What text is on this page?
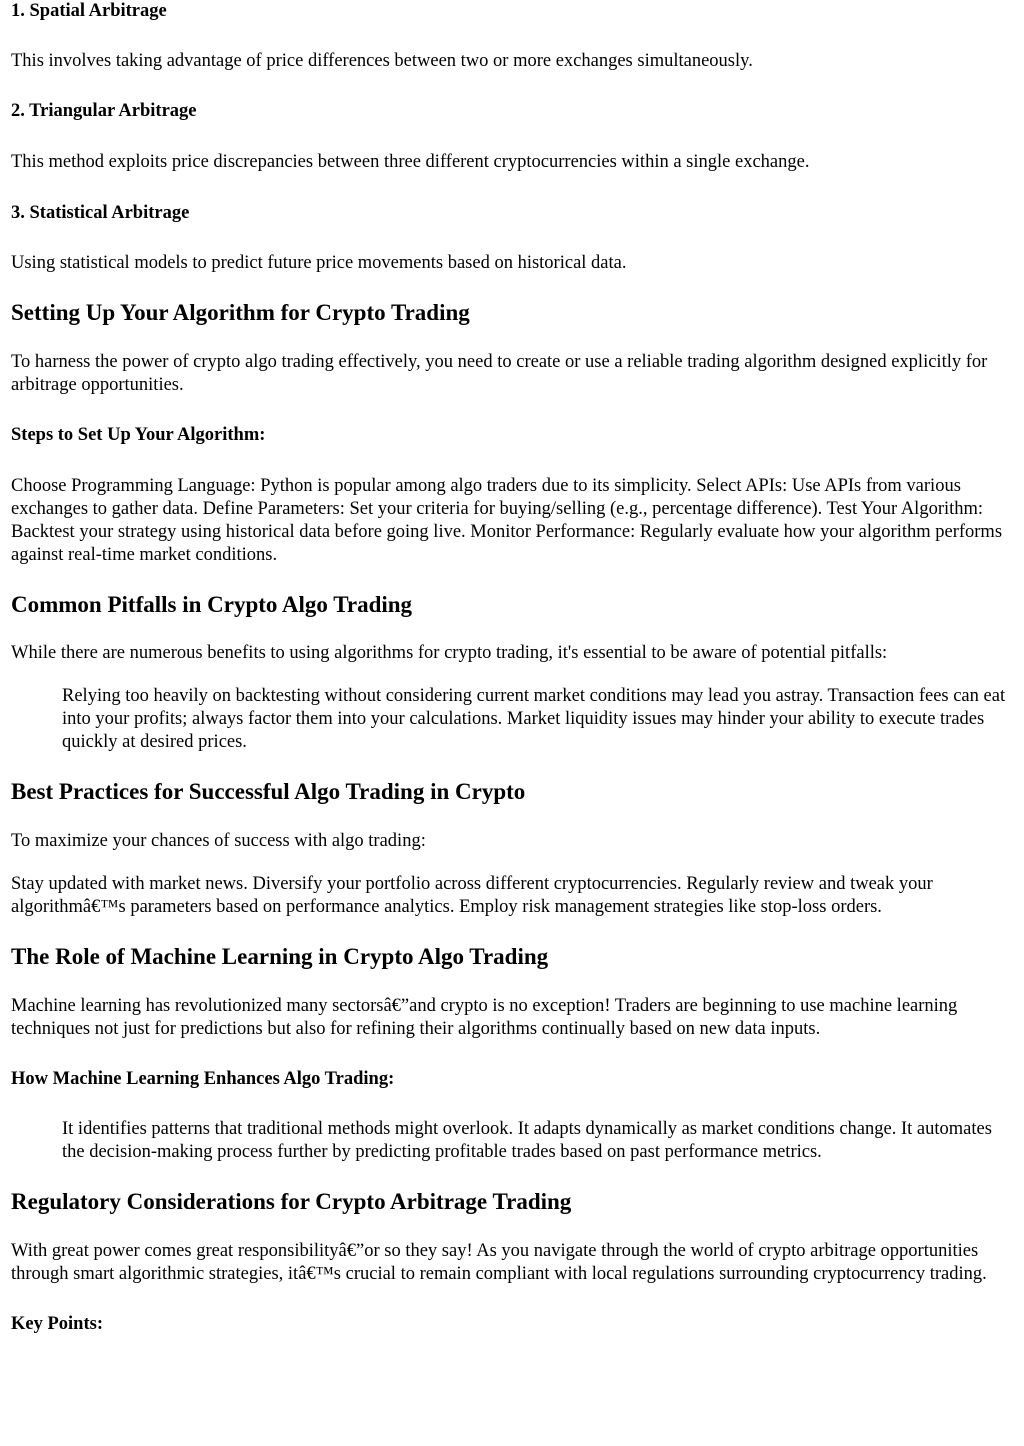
1. Spatial Arbitrage

This involves taking advantage of price differences between two or more exchanges simultaneously.

2. Triangular Arbitrage

This method exploits price discrepancies between three different cryptocurrencies within a single exchange.

3. Statistical Arbitrage

Using statistical models to predict future price movements based on historical data.

Setting Up Your Algorithm for Crypto Trading

To harness the power of crypto algo trading effectively, you need to create or use a reliable trading algorithm designed explicitly for arbitrage opportunities.

Steps to Set Up Your Algorithm:

Choose Programming Language: Python is popular among algo traders due to its simplicity. Select APIs: Use APIs from various exchanges to gather data. Define Parameters: Set your criteria for buying/selling (e.g., percentage difference). Test Your Algorithm: Backtest your strategy using historical data before going live. Monitor Performance: Regularly evaluate how your algorithm performs against real-time market conditions.

Common Pitfalls in Crypto Algo Trading

While there are numerous benefits to using algorithms for crypto trading, it's essential to be aware of potential pitfalls:

Relying too heavily on backtesting without considering current market conditions may lead you astray. Transaction fees can eat into your profits; always factor them into your calculations. Market liquidity issues may hinder your ability to execute trades quickly at desired prices.
Best Practices for Successful Algo Trading in Crypto

To maximize your chances of success with algo trading:

Stay updated with market news. Diversify your portfolio across different cryptocurrencies. Regularly review and tweak your algorithmâ€™s parameters based on performance analytics. Employ risk management strategies like stop-loss orders.

The Role of Machine Learning in Crypto Algo Trading

Machine learning has revolutionized many sectorsâ€”and crypto is no exception! Traders are beginning to use machine learning techniques not just for predictions but also for refining their algorithms continually based on new data inputs.

How Machine Learning Enhances Algo Trading:
It identifies patterns that traditional methods might overlook. It adapts dynamically as market conditions change. It automates the decision-making process further by predicting profitable trades based on past performance metrics.
Regulatory Considerations for Crypto Arbitrage Trading

With great power comes great responsibilityâ€”or so they say! As you navigate through the world of crypto arbitrage opportunities through smart algorithmic strategies, itâ€™s crucial to remain compliant with local regulations surrounding cryptocurrency trading.

Key Points:
